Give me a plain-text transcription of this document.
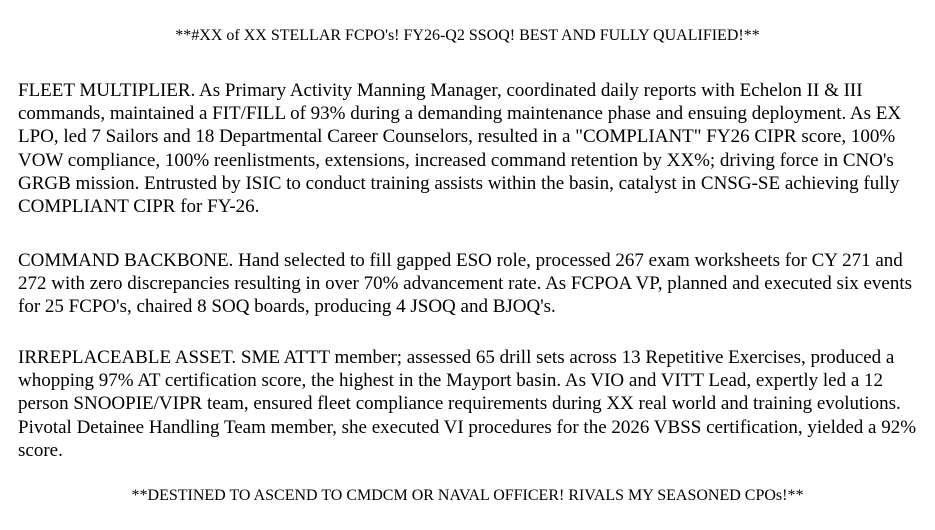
**#XX of XX STELLAR FCPO's! FY26-Q2 SSOQ! BEST AND FULLY QUALIFIED!**

FLEET MULTIPLIER. As Primary Activity Manning Manager, coordinated daily reports with Echelon II & III commands, maintained a FIT/FILL of 93% during a demanding maintenance phase and ensuing deployment. As EX LPO, led 7 Sailors and 18 Departmental Career Counselors, resulted in a "COMPLIANT" FY26 CIPR score, 100% VOW compliance, 100% reenlistments, extensions, increased command retention by XX%; driving force in CNO's GRGB mission. Entrusted by ISIC to conduct training assists within the basin, catalyst in CNSG-SE achieving fully COMPLIANT CIPR for FY-26.

COMMAND BACKBONE. Hand selected to fill gapped ESO role, processed 267 exam worksheets for CY 271 and 272 with zero discrepancies resulting in over 70% advancement rate. As FCPOA VP, planned and executed six events for 25 FCPO's, chaired 8 SOQ boards, producing 4 JSOQ and BJOQ's.

IRREPLACEABLE ASSET. SME ATTT member; assessed 65 drill sets across 13 Repetitive Exercises, produced a whopping 97% AT certification score, the highest in the Mayport basin. As VIO and VITT Lead, expertly led a 12 person SNOOPIE/VIPR team, ensured fleet compliance requirements during XX real world and training evolutions. Pivotal Detainee Handling Team member, she executed VI procedures for the 2026 VBSS certification, yielded a 92% score.

**DESTINED TO ASCEND TO CMDCM OR NAVAL OFFICER! RIVALS MY SEASONED CPOs!**
